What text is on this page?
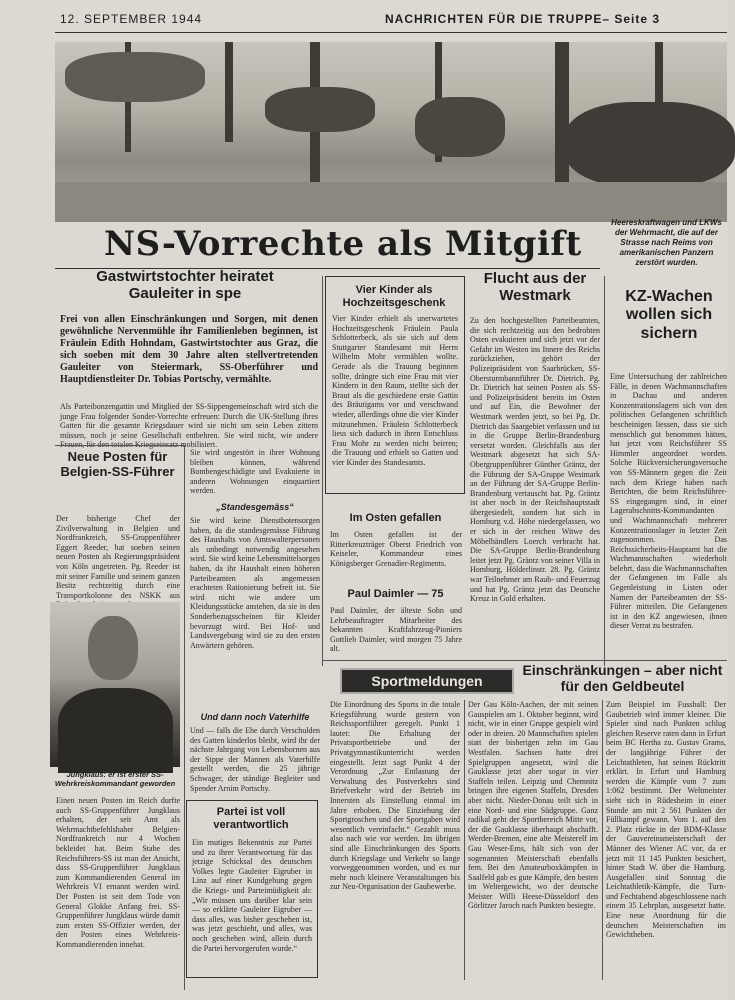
12. SEPTEMBER 1944	NACHRICHTEN FÜR DIE TRUPPE– Seite 3
Heereskraftwagen und LKWs der Wehrmacht, die auf der Strasse nach Reims von amerikanischen Panzern zerstört wurden.
NS-Vorrechte als Mitgift
Gastwirtstochter heiratet Gauleiter in spe
Frei von allen Einschränkungen und Sorgen, mit denen gewöhnliche Nervenmühle ihr Familienleben beginnen, ist Fräulein Edith Hohndam, Gastwirtstochter aus Graz, die sich soeben mit dem 30 Jahre alten stellvertretenden Gauleiter von Steiermark, SS-Oberführer und Hauptdienstleiter Dr. Tobias Portschy, vermählte.
Als Parteibonzengattin und Mitglied der SS-Sippengemeinschaft wird sich die junge Frau folgender Sonder-Vorrechte erfreuen: Durch die UK-Stellung ihres Gatten für die gesamte Kriegsdauer wird sie nicht um sein Leben zittern müssen, noch je seine Gesellschaft entbehren. Sie wird nicht, wie andere Frauen, für den totalen Kriegseinsatz mobilisiert.
Vier Kinder als Hochzeitsgeschenk
Vier Kinder erhielt als unerwartetes Hochzeitsgeschenk Fräulein Paula Schlotterbeck, als sie sich auf dem Stuttgarter Standesamt mit Herrn Wilhelm Mohr vermählen wollte. Gerade als die Trauung beginnen sollte, drängte sich eine Frau mit vier Kindern in den Raum, stellte sich der Braut als die geschiedene erste Gattin des Bräutigams vor und verschwand wieder, allerdings ohne die vier Kinder mitzunehmen. Fräulein Schlotterbeck liess sich dadurch in ihren Entschluss Frau Mohr zu werden nicht beirren; die Trauung und erhielt so Gatten und vier Kinder des Standesamts.
Flucht aus der Westmark
Zu den hochgestellten Parteibeamten, die sich rechtzeitig aus den bedrohten Osten evakuieren und sich jetzt vor der Gefahr im Westen ins Innere des Reichs zurückziehen, gehört der Polizeipräsident von Saarbrücken, SS-Obersturmbannführer Dr. Dietrich. Pg. Dr. Dietrich hat seinen Posten als SS- und Polizeipräsident bereits im Osten und auf Ein, die Bewohner der Westmark werden jetzt, so bei Pg. Dr. Dietrich das Saargebiet verlassen und ist in die Gruppe Berlin-Brandenburg versetzt worden. Gleichfalls aus der Westmark abgesetzt hat sich SA-Obergruppenführer Günther Gräntz, der die Führung der SA-Gruppe Westmark an der Führung der SA-Gruppe Berlin-Brandenburg vertauscht hat. Pg. Gräntz ist aber noch in der Reichshauptstadt übergesiedelt, sondern hat sich in Homburg v.d. Höhe niedergelassen, wo er sich in der reichen Witwe des Möbelhändlers Loerch verbracht hat. Die SA-Gruppe Berlin-Brandenburg leitet jetzt Pg. Gräntz von seiner Villa in Homburg, Hölderlinstr. 28. Pg. Gräntz war Teilnehmer am Raub- und Feuerzug und hat Pg. Gräntz jetzt das Deutsche Kreuz in Gold erhalten.
KZ-Wachen wollen sich sichern
Eine Untersuchung der zahlreichen Fälle, in denen Wachmannschaften in Dachau und anderen Konzentrationslagern sich von den politischen Gefangenen schriftlich bescheinigen liessen, dass sie sich menschlich gut benommen hätten, hat jetzt vom Reichsführer SS Himmler angeordnet worden. Solche Rückversicherungsversuche von SS-Männern gegen die Zeit nach dem Kriege haben nach Berichten, die beim Reichsführer-SS eingegangen sind, in einer Lagerabschnitts-Kommandanten und Wachmannschaft mehrerer Konzentrationslager in letzter Zeit zugenommen. Das Reichssicherheits-Hauptamt hat die Wachmannschaften wiederholt belehrt, dass die Wachmannschaften der Gefangenen im Falle als Gegenleistung in Listen oder Namen der Parteibeamten der SS-Führer mitteilen. Die Gefangenen ist in den KZ angewiesen, ihnen dieser Verrat zu bestrafen.
Neue Posten für Belgien-SS-Führer
Der bisherige Chef der Zivilverwaltung in Belgien und Nordfrankreich, SS-Gruppenführer Eggert Reeder, hat soeben seinen neuen Posten als Regierungspräsident von Köln angetreten. Pg. Reeder ist mit seiner Familie und seinem ganzen Besitz rechtzeitig durch eine Transportkolonne des NSKK aus
Jungklaus: er ist erster SS-Wehrkreiskommandant geworden
Einen neuen Posten im Reich durfte auch SS-Gruppenführer Jungklaus erhalten, der seit Amt als Wehrmachtbefehlshaber Belgien-Nordfrankreich nur 4 Wochen bekleidet hat. Beim Stabe des Reichsführers-SS ist man der Ansicht, dass SS-Gruppenführer Jungklaus zum Kommandierenden General im Wehrkreis VI ernannt werden wird. Der Posten ist seit dem Tode von General Glokke Anfang frei. SS-Gruppenführer Jungklaus würde damit zum ersten SS-Offizier werden, der den Posten eines Wehrkreis-Kommandierenden innehat.
Sie wird ungestört in ihrer Wohnung bleiben können, während Bombengeschädigte und Evakuierte in anderen Wohnungen einquartiert werden.
„Standesgemäss“
Sie wird keine Dienstbotensorgen haben, da die standesgemässe Führung des Haushalts von Amtswalterpersonen als unbedingt notwendig angesehen wird. Sie wird keine Lebensmittelsorgen haben, da ihr Haushalt einen höheren Parteibeamten als angemessen erachteten Rationierung befreit ist. Sie wird nicht wie andere um Kleidungsstücke anstehen, da sie in den Sonderbezugsscheinen für Kleider bevorzugt wird. Bei Hof- und Landsvergebung wird sie zu den ersten Anwärtern gehören.
Und dann noch Vaterhilfe
Und — falls die Ehe durch Verschulden des Gatten kinderlos bleibt, wird ihr der nächste Jahrgang von Lebensbornen aus der Sippe der Mannen als Vaterhilfe gestellt werden, die 25 jährige Schwager, der ständige Begleiter und Spender Arnim Portschy.
Partei ist voll verantwortlich
Ein mutiges Bekenntnis zur Partei und zu ihrer Verantwortung für das jetzige Schicksal des deutschen Volkes legte Gauleiter Eigruber in Linz auf einer Kundgebung gegen die Kriegs- und Parteimüdigkeit ab: „Wir müssen uns darüber klar sein — so erklärte Gauleiter Eigruber — dass alles, was bisher geschehen ist, was jetzt geschieht, und alles, was noch geschehen wird, allein durch die Partei hervorgerufen wurde.“
Im Osten gefallen
Im Osten gefallen ist der Ritterkreuzträger Oberst Friedrich von Keiseler, Kommandeur eines Königsberger Grenadier-Regiments.
Paul Daimler — 75
Paul Daimler, der älteste Sohn und Lehrbeauftragter Mitarbeiter des bekannten Kraftfahrzeug-Pioniers Gottlieb Daimler, wird morgen 75 Jahre alt.
Sportmeldungen
Einschränkungen – aber nicht für den Geldbeutel
Die Einordnung des Sports in die totale Kriegsführung wurde gestern von Reichssportführer geregelt. Punkt 1 lautet: Die Erhaltung der Privatsportbetriebe und der Privatgymnastikunterricht werden eingestellt. Jetzt sagt Punkt 4 der Verordnung „Zur Entlastung der Verwaltung des Postverkehrs sind Briefverkehr wird der Betrieb im Innersten als Einstellung einmal im Jahre erhoben. Die Einziehung der Sportgroschen und der Sportgaben wird wesentlich vereinfacht.“ Gezahlt muss also nach wie vor werden. Im übrigen sind alle Einschränkungen des Sports durch Kriegslage und Verkehr so lange vorweggenommen worden, und es nur mehr noch kleinere Veranstaltungen bis zur Neu-Organisation der Gaubewerbe.
Der Gau Köln-Aachen, der mit seinen Gauspielen am 1. Oktober beginnt, wird nicht, wie in einer Gruppe gespielt wird oder in dreien. 20 Mannschaften spielen statt der bisherigen zehn im Gau Westfalen. Sachsen hatte drei Spielgruppen angesetzt, wird die Gauklasse jetzt aber sogar in vier Staffeln teilen. Leipzig und Chemnitz bringen ihre eigenen Staffeln, Dresden aber nicht. Nieder-Donau teilt sich in eine Nord- und eine Südgruppe. Ganz radikal geht der Sportbereich Mitte vor, der die Gauklasse überhaupt abschafft. Werder-Bremen, eine alte Meisterelf im Gau Weser-Ems, hält sich von der sogenannten Meisterschaft ebenfalls fern. Bei den Amateurboxkämpfen in Saalfeld gab es gute Kämpfe, den besten im Weltergewicht, wo der deutsche Meister Willi Heese-Düsseldorf den Görlitzer Jaroch nach Punkten besiegte.
Zum Beispiel im Fussball: Der Gaubetrieb wird immer kleiner. Die Spieler sind nach Punkten schlug gleichen Reserve raten dann in Erfurt beim BC Hertha zu. Gustav Grams, der langjährige Führer der Leichtathleten, hat seinen Rücktritt erklärt. In Erfurt und Hamburg werden die Kämpfe vom 7 zum 1:062 bestimmt. Der Weltmeister sieht sich in Rüdesheim in einer Stunde am mit 2 561 Punkten der Füllkampf gewann. Vom 1. auf den 2. Platz rückte in der BDM-Klasse der Gauvereinsmeisterschaft der Männer des Wiener AC vor, da er jetzt mit 11 145 Punkten besichert, hinter Stadt W. über die Hamburg. Ausgefallen sind Sonntag die Leichtathletik-Kämpfe, die Turn- und Fechtabend abgeschlossene nach einem 35 Lehrplan, ausgesetzt hatte. Eine neue Anordnung für die deutschen Meisterschaften im Gewichtheben.
